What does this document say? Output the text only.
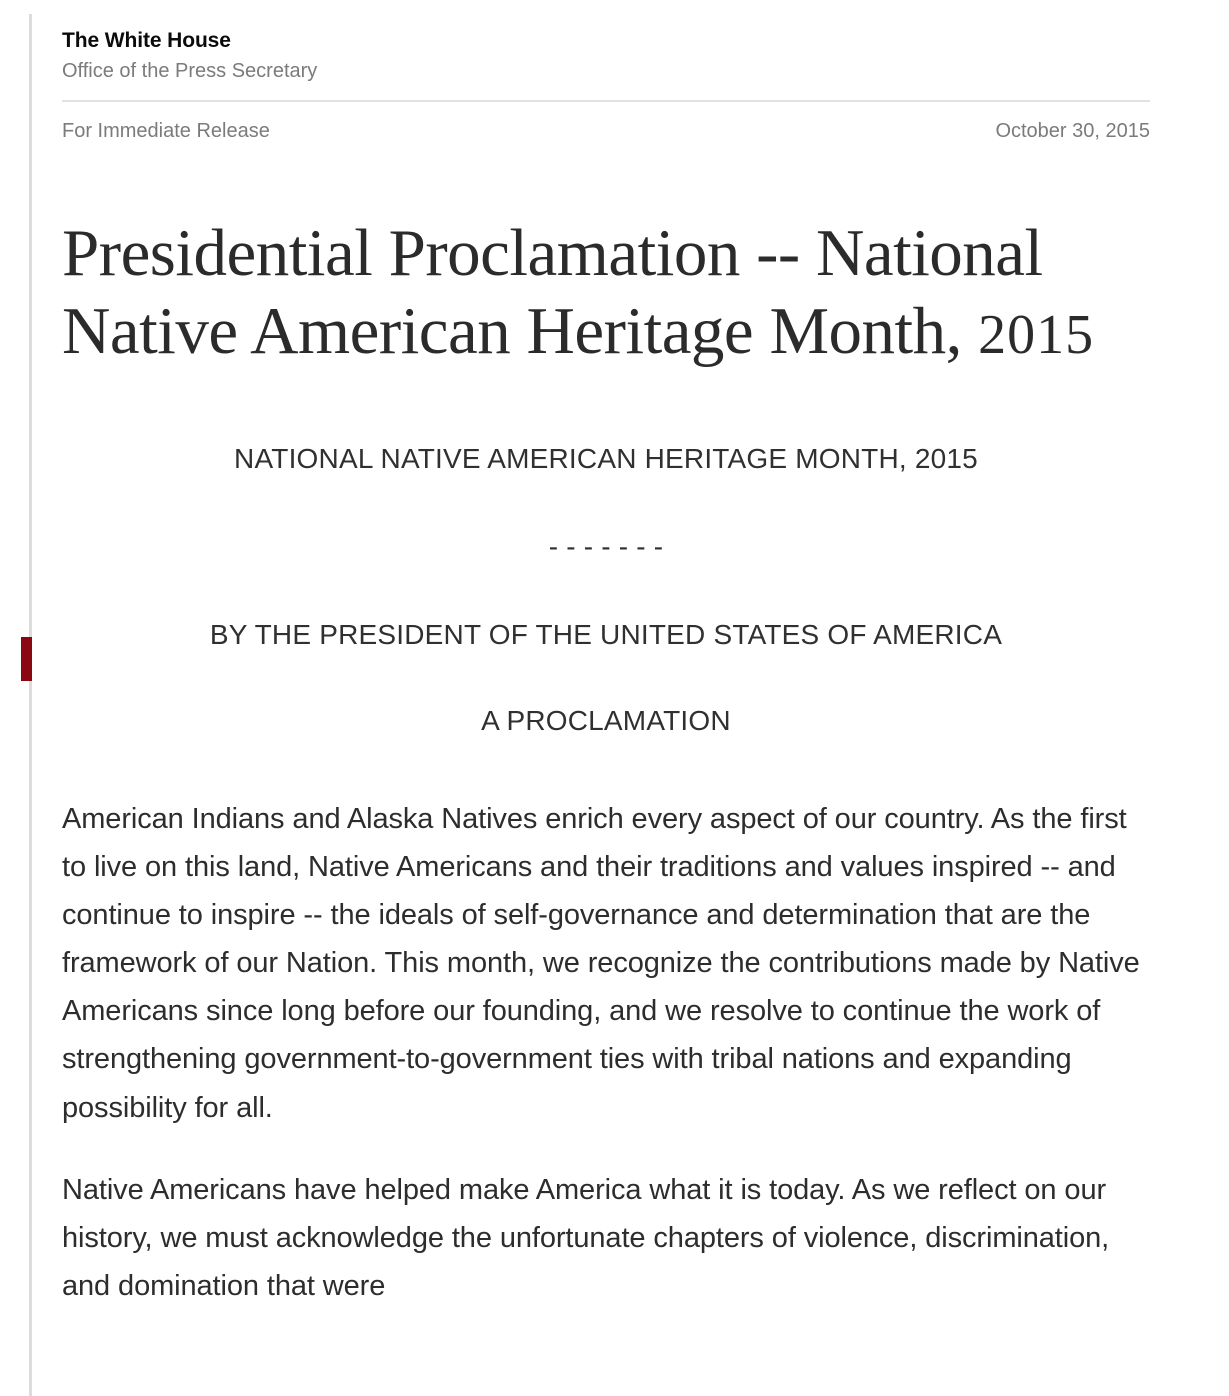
The White House
Office of the Press Secretary
For Immediate Release	October 30, 2015
Presidential Proclamation -- National Native American Heritage Month, 2015
NATIONAL NATIVE AMERICAN HERITAGE MONTH, 2015
- - - - - - -
BY THE PRESIDENT OF THE UNITED STATES OF AMERICA
A PROCLAMATION

American Indians and Alaska Natives enrich every aspect of our country. As the first to live on this land, Native Americans and their traditions and values inspired -- and continue to inspire -- the ideals of self-governance and determination that are the framework of our Nation. This month, we recognize the contributions made by Native Americans since long before our founding, and we resolve to continue the work of strengthening government-to-government ties with tribal nations and expanding possibility for all.

Native Americans have helped make America what it is today. As we reflect on our history, we must acknowledge the unfortunate chapters of violence, discrimination, and domination that were
